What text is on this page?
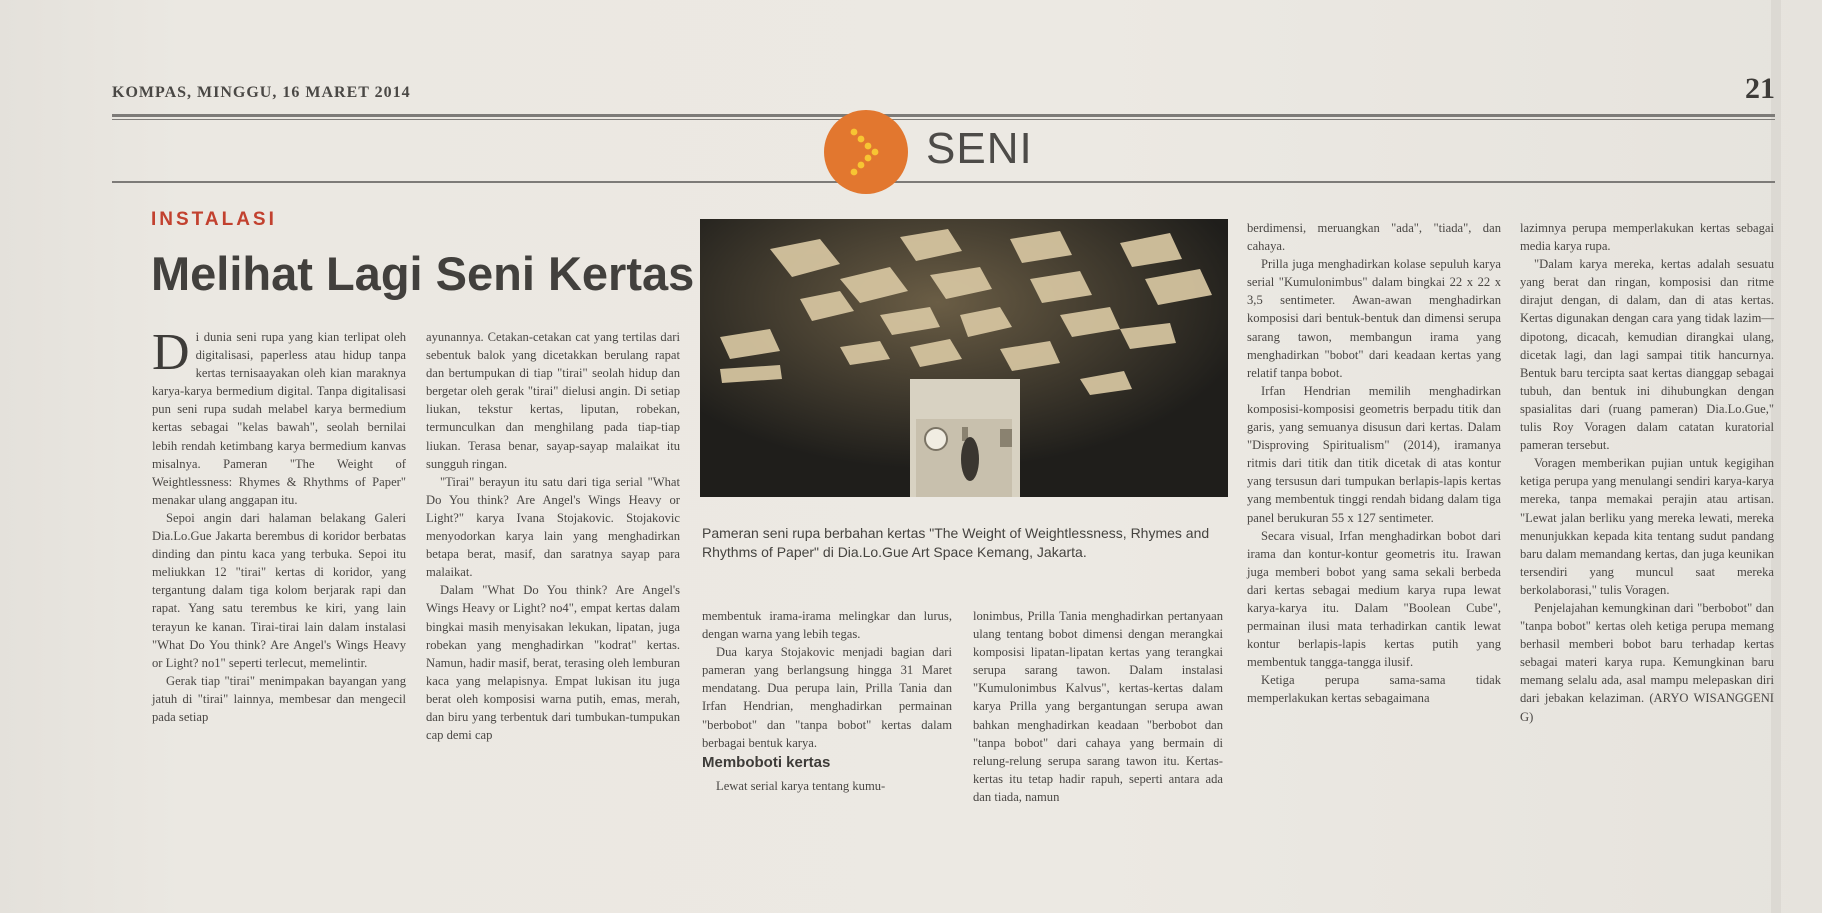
KOMPAS, MINGGU, 16 MARET 2014	21
SENI
INSTALASI
Melihat Lagi Seni Kertas

Di dunia seni rupa yang kian terlipat oleh digitalisasi, paperless atau hidup tanpa kertas ternisaayakan oleh kian maraknya karya-karya bermedium digital. Tanpa digitalisasi pun seni rupa sudah melabel karya bermedium kertas sebagai "kelas bawah", seolah bernilai lebih rendah ketimbang karya bermedium kanvas misalnya. Pameran "The Weight of Weightlessness: Rhymes & Rhythms of Paper" menakar ulang anggapan itu.

Sepoi angin dari halaman belakang Galeri Dia.Lo.Gue Jakarta berembus di koridor berbatas dinding dan pintu kaca yang terbuka. Sepoi itu meliukkan 12 "tirai" kertas di koridor, yang tergantung dalam tiga kolom berjarak rapi dan rapat. Yang satu terembus ke kiri, yang lain terayun ke kanan. Tirai-tirai lain dalam instalasi "What Do You think? Are Angel's Wings Heavy or Light? no1" seperti terlecut, memelintir.

Gerak tiap "tirai" menimpakan bayangan yang jatuh di "tirai" lainnya, membesar dan mengecil pada setiap

ayunannya. Cetakan-cetakan cat yang tertilas dari sebentuk balok yang dicetakkan berulang rapat dan bertumpukan di tiap "tirai" seolah hidup dan bergetar oleh gerak "tirai" dielusi angin. Di setiap liukan, tekstur kertas, liputan, robekan, termunculkan dan menghilang pada tiap-tiap liukan. Terasa benar, sayap-sayap malaikat itu sungguh ringan.

"Tirai" berayun itu satu dari tiga serial "What Do You think? Are Angel's Wings Heavy or Light?" karya Ivana Stojakovic. Stojakovic menyodorkan karya lain yang menghadirkan betapa berat, masif, dan saratnya sayap para malaikat.

Dalam "What Do You think? Are Angel's Wings Heavy or Light? no4", empat kertas dalam bingkai masih menyisakan lekukan, lipatan, juga robekan yang menghadirkan "kodrat" kertas. Namun, hadir masif, berat, terasing oleh lemburan kaca yang melapisnya. Empat lukisan itu juga berat oleh komposisi warna putih, emas, merah, dan biru yang terbentuk dari tumbukan-tumpukan cap demi cap

Pameran seni rupa berbahan kertas "The Weight of Weightlessness, Rhymes and Rhythms of Paper" di Dia.Lo.Gue Art Space Kemang, Jakarta.

membentuk irama-irama melingkar dan lurus, dengan warna yang lebih tegas.

Dua karya Stojakovic menjadi bagian dari pameran yang berlangsung hingga 31 Maret mendatang. Dua perupa lain, Prilla Tania dan Irfan Hendrian, menghadirkan permainan "berbobot" dan "tanpa bobot" kertas dalam berbagai bentuk karya.

Memboboti kertas

Lewat serial karya tentang kumu-

lonimbus, Prilla Tania menghadirkan pertanyaan ulang tentang bobot dimensi dengan merangkai komposisi lipatan-lipatan kertas yang terangkai serupa sarang tawon. Dalam instalasi "Kumulonimbus Kalvus", kertas-kertas dalam karya Prilla yang bergantungan serupa awan bahkan menghadirkan keadaan "berbobot dan "tanpa bobot" dari cahaya yang bermain di relung-relung serupa sarang tawon itu. Kertas-kertas itu tetap hadir rapuh, seperti antara ada dan tiada, namun

berdimensi, meruangkan "ada", "tiada", dan cahaya.

Prilla juga menghadirkan kolase sepuluh karya serial "Kumulonimbus" dalam bingkai 22 x 22 x 3,5 sentimeter. Awan-awan menghadirkan komposisi dari bentuk-bentuk dan dimensi serupa sarang tawon, membangun irama yang menghadirkan "bobot" dari keadaan kertas yang relatif tanpa bobot.

Irfan Hendrian memilih menghadirkan komposisi-komposisi geometris berpadu titik dan garis, yang semuanya disusun dari kertas. Dalam "Disproving Spiritualism" (2014), iramanya ritmis dari titik dan titik dicetak di atas kontur yang tersusun dari tumpukan berlapis-lapis kertas yang membentuk tinggi rendah bidang dalam tiga panel berukuran 55 x 127 sentimeter.

Secara visual, Irfan menghadirkan bobot dari irama dan kontur-kontur geometris itu. Irawan juga memberi bobot yang sama sekali berbeda dari kertas sebagai medium karya rupa lewat karya-karya itu. Dalam "Boolean Cube", permainan ilusi mata terhadirkan cantik lewat kontur berlapis-lapis kertas putih yang membentuk tangga-tangga ilusif.

Ketiga perupa sama-sama tidak memperlakukan kertas sebagaimana

lazimnya perupa memperlakukan kertas sebagai media karya rupa.

"Dalam karya mereka, kertas adalah sesuatu yang berat dan ringan, komposisi dan ritme dirajut dengan, di dalam, dan di atas kertas. Kertas digunakan dengan cara yang tidak lazim—dipotong, dicacah, kemudian dirangkai ulang, dicetak lagi, dan lagi sampai titik hancurnya. Bentuk baru tercipta saat kertas dianggap sebagai tubuh, dan bentuk ini dihubungkan dengan spasialitas dari (ruang pameran) Dia.Lo.Gue," tulis Roy Voragen dalam catatan kuratorial pameran tersebut.

Voragen memberikan pujian untuk kegigihan ketiga perupa yang menulangi sendiri karya-karya mereka, tanpa memakai perajin atau artisan. "Lewat jalan berliku yang mereka lewati, mereka menunjukkan kepada kita tentang sudut pandang baru dalam memandang kertas, dan juga keunikan tersendiri yang muncul saat mereka berkolaborasi," tulis Voragen.

Penjelajahan kemungkinan dari "berbobot" dan "tanpa bobot" kertas oleh ketiga perupa memang berhasil memberi bobot baru terhadap kertas sebagai materi karya rupa. Kemungkinan baru memang selalu ada, asal mampu melepaskan diri dari jebakan kelaziman. (ARYO WISANGGENI G)
